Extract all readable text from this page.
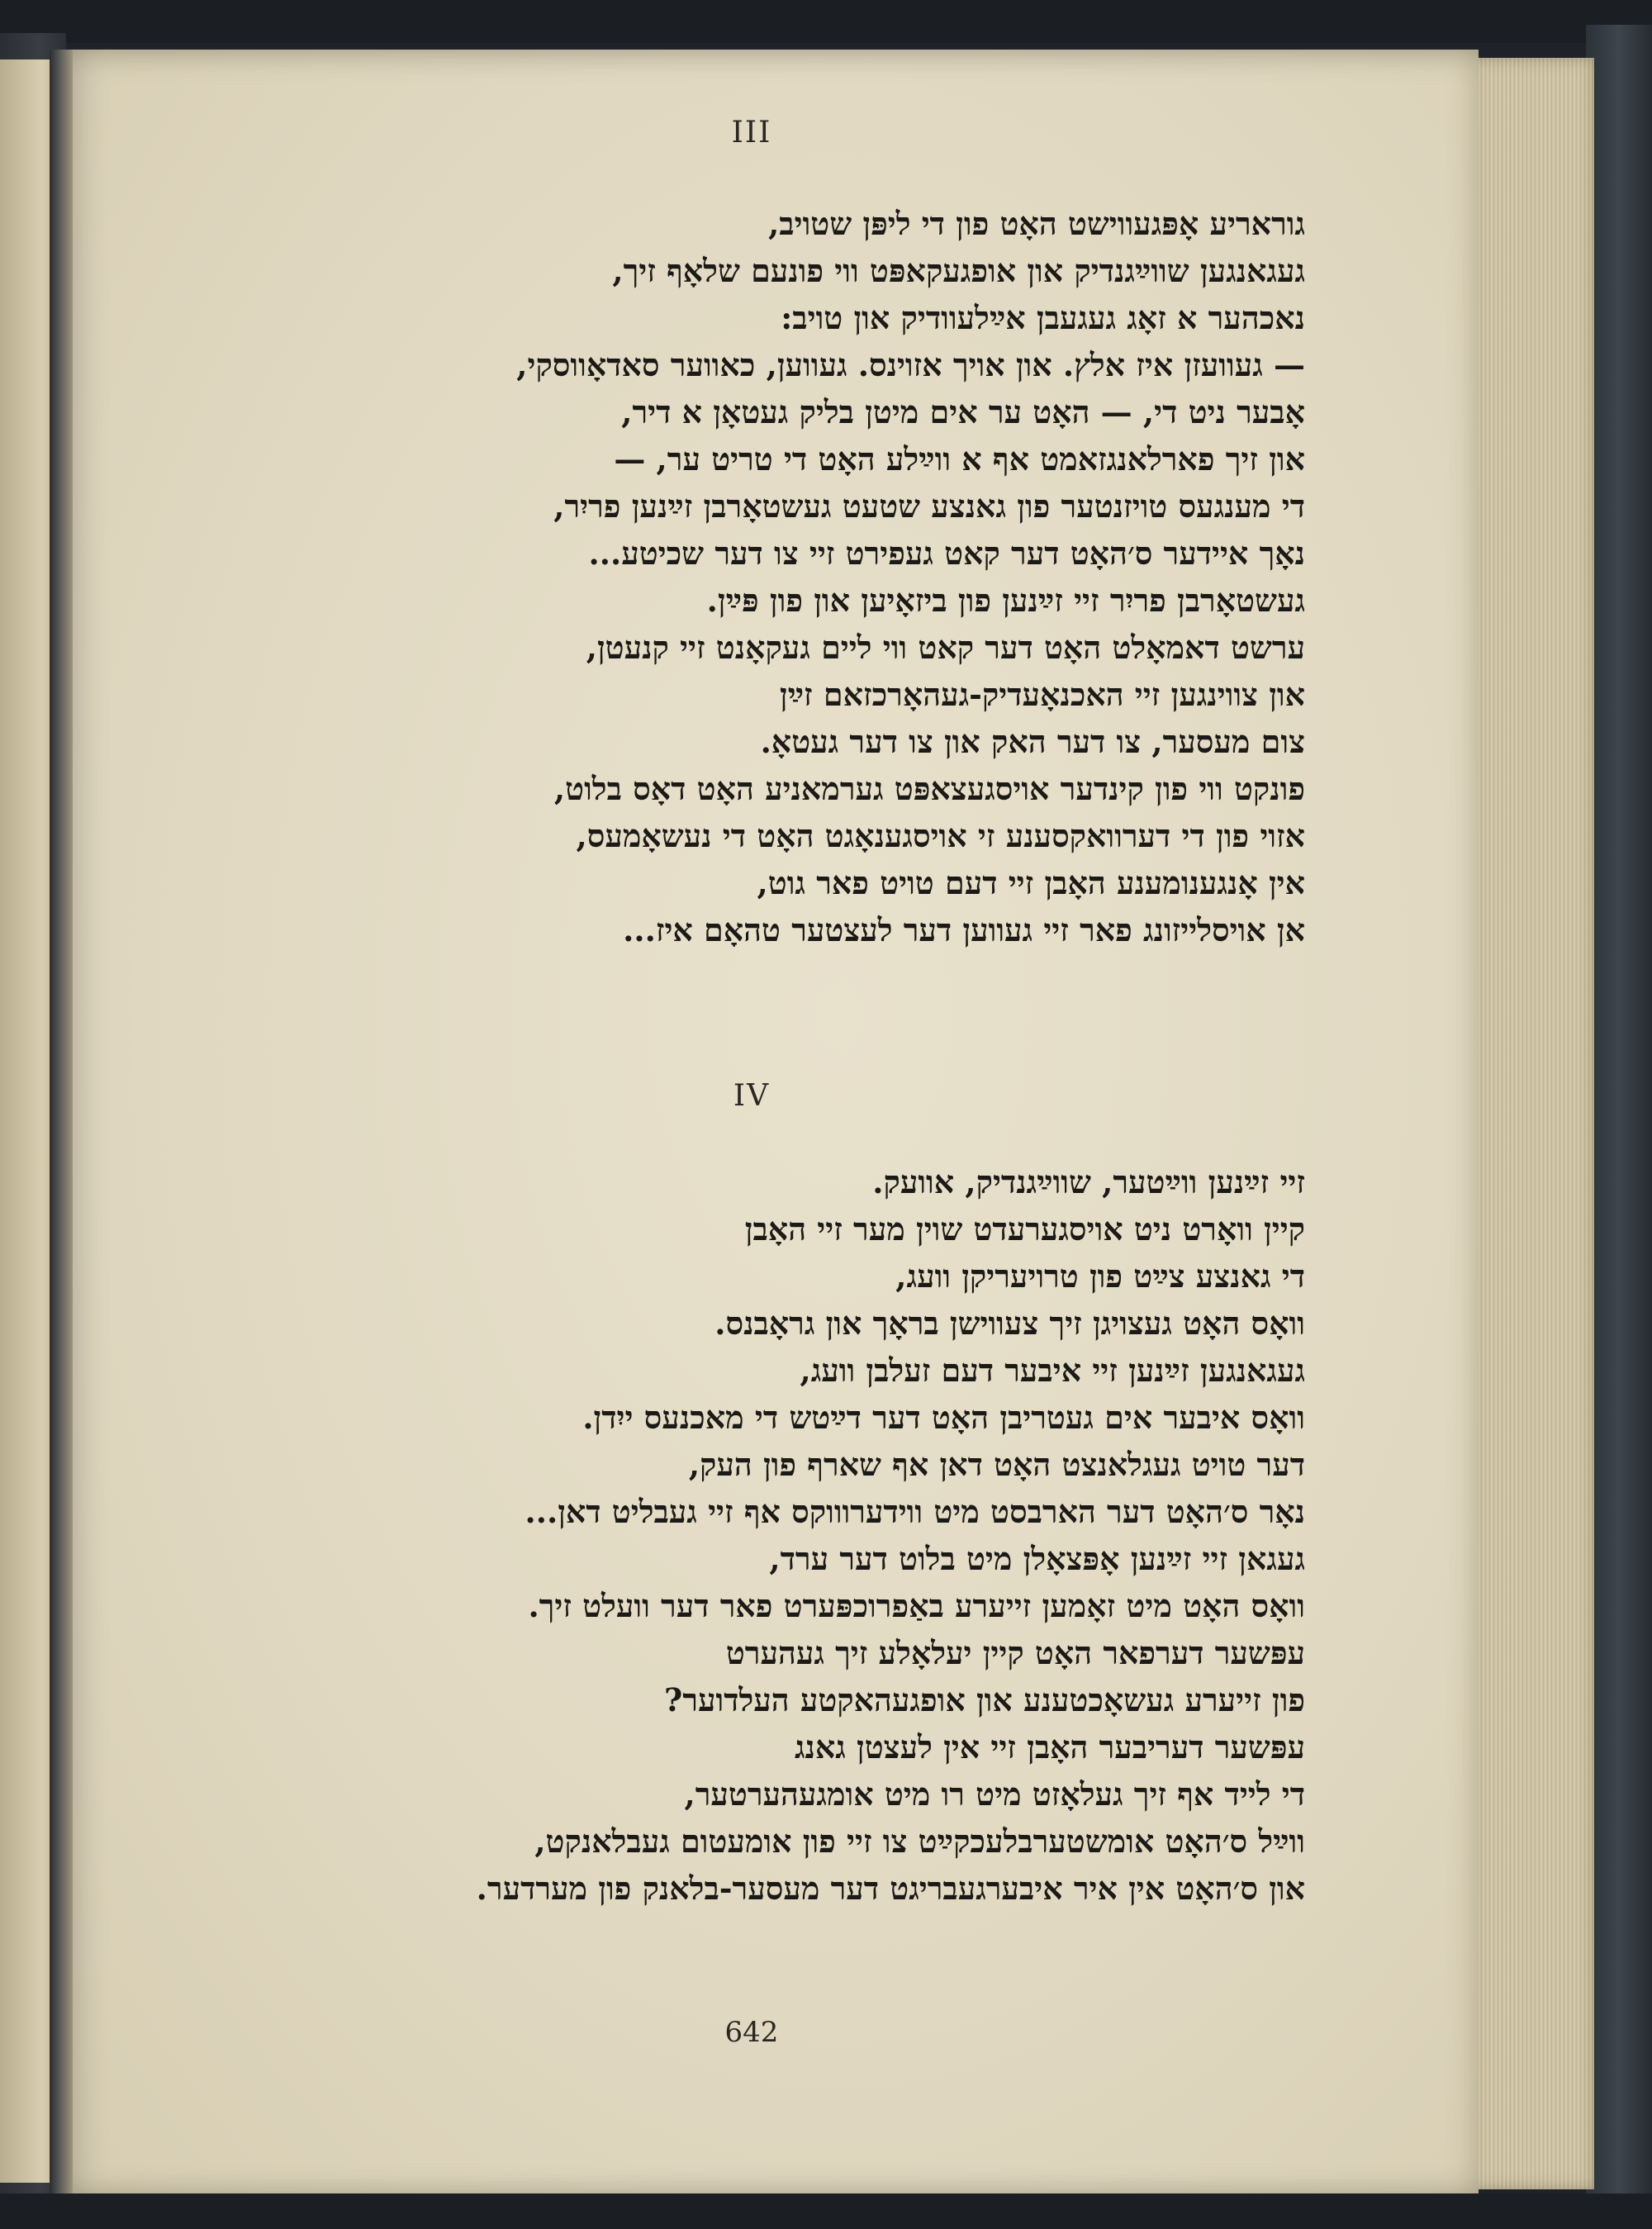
III
גוראריע אָפּגעווישט האָט פון די ליפּן שטויב,
געגאנגען שווײַגנדיק און אופגעקאפּט ווי פונעם שלאָף זיך,
נאכהער א זאָג געגעבן אײַלעוודיק און טויב:
— געוועזן איז אלץ. און אויך אזוינס. געווען, כאווער סאדאָווסקי,
אָבער ניט די, — האָט ער אים מיטן בליק געטאָן א דיר,
און זיך פארלאנגזאמט אף א ווײַלע האָט די טריט ער, —
די מענגעס טויזנטער פון גאנצע שטעט געשטאָרבן זײַנען פריִר,
נאָך איידער ס׳האָט דער קאט געפירט זיי צו דער שכיטע...
געשטאָרבן פריִר זיי זײַנען פון ביזאָיען און פון פּײַן.
ערשט דאמאָלט האָט דער קאט ווי ליים געקאָנט זיי קנעטן,
און צווינגען זיי האכנאָעדיק-געהאָרכזאם זײַן
צום מעסער, צו דער האק און צו דער געטאָ.
פונקט ווי פון קינדער אויסגעצאפּט גערמאניע האָט דאָס בלוט,
אזוי פון די דערוואקסענע זי אויסגענאָגט האָט די נעשאָמעס,
אין אָנגענומענע האָבן זיי דעם טויט פאר גוט,
אן אויסלייזונג פאר זיי געווען דער לעצטער טהאָם איז...
IV
זיי זײַנען ווײַטער, שווײַגנדיק, אוועק.
קיין וואָרט ניט אויסגערעדט שוין מער זיי האָבן
די גאנצע צײַט פון טרויעריקן וועג,
וואָס האָט געצויגן זיך צעווישן בראָך און גראָבנס.
געגאנגען זײַנען זיי איבער דעם זעלבן וועג,
וואָס איבער אים געטריבן האָט דער דײַטש די מאכנעס ייִדן.
דער טויט געגלאנצט האָט דאן אף שארף פון העק,
נאָר ס׳האָט דער הארבסט מיט ווידערוווקס אף זיי געבליט דאן...
געגאן זיי זײַנען אָפּצאָלן מיט בלוט דער ערד,
וואָס האָט מיט זאָמען זייערע באַפרוכפּערט פאר דער וועלט זיך.
עפּשער דערפאר האָט קיין יעלאָלע זיך געהערט
פון זייערע געשאָכטענע און אופגעהאקטע העלדוער?
עפּשער דעריבער האָבן זיי אין לעצטן גאנג
די לייד אף זיך געלאָזט מיט רו מיט אומגעהערטער,
ווײַל ס׳האָט אומשטערבלעכקײַט צו זיי פון אומעטום געבלאנקט,
און ס׳האָט אין איר איבערגעבריגט דער מעסער-בלאנק פון מערדער.
642
